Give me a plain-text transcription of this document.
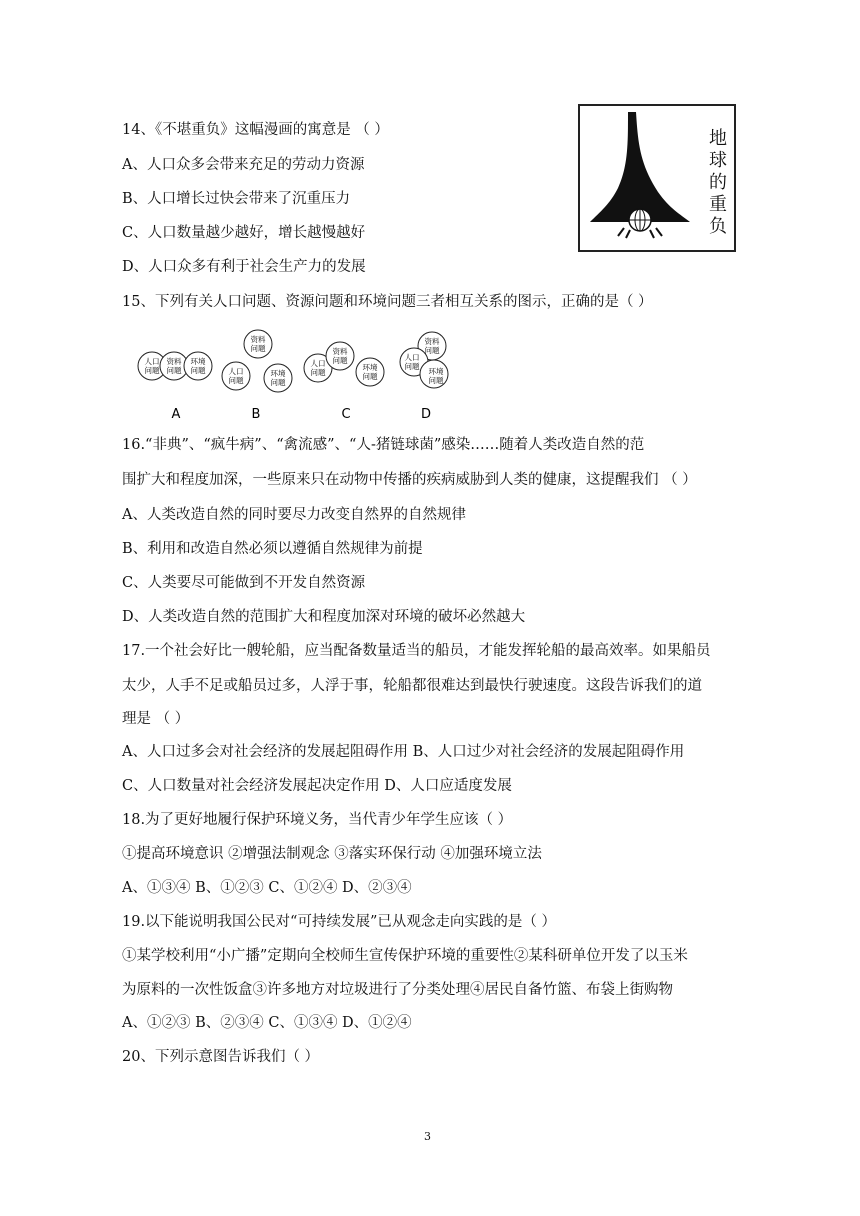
14、《不堪重负》这幅漫画的寓意是 （ ）
A、人口众多会带来充足的劳动力资源
B、人口增长过快会带来了沉重压力
C、人口数量越少越好，增长越慢越好
D、人口众多有利于社会生产力的发展
地
球
的
重
负
15、下列有关人口问题、资源问题和环境问题三者相互关系的图示，正确的是（ ）
人口
问题
资料
问题
环境
问题
A
资料
问题
人口
问题
环境
问题
B
人口
问题
资料
问题
环境
问题
C
资料
问题
人口
问题
环境
问题
D
16.“非典”、“疯牛病”、“禽流感”、“人-猪链球菌”感染……随着人类改造自然的范
围扩大和程度加深，一些原来只在动物中传播的疾病威胁到人类的健康，这提醒我们 （ ）
A、人类改造自然的同时要尽力改变自然界的自然规律
B、利用和改造自然必须以遵循自然规律为前提
C、人类要尽可能做到不开发自然资源
D、人类改造自然的范围扩大和程度加深对环境的破坏必然越大
17.一个社会好比一艘轮船，应当配备数量适当的船员，才能发挥轮船的最高效率。如果船员
太少，人手不足或船员过多，人浮于事，轮船都很难达到最快行驶速度。这段告诉我们的道
理是 （ ）
A、人口过多会对社会经济的发展起阻碍作用 B、人口过少对社会经济的发展起阻碍作用
C、人口数量对社会经济发展起决定作用 D、人口应适度发展
18.为了更好地履行保护环境义务，当代青少年学生应该（ ）
①提高环境意识 ②增强法制观念 ③落实环保行动 ④加强环境立法
A、①③④ B、①②③ C、①②④ D、②③④
19.以下能说明我国公民对“可持续发展”已从观念走向实践的是（ ）
①某学校利用“小广播”定期向全校师生宣传保护环境的重要性②某科研单位开发了以玉米
为原料的一次性饭盒③许多地方对垃圾进行了分类处理④居民自备竹篮、布袋上街购物
A、①②③ B、②③④ C、①③④ D、①②④
20、下列示意图告诉我们（ ）
3
